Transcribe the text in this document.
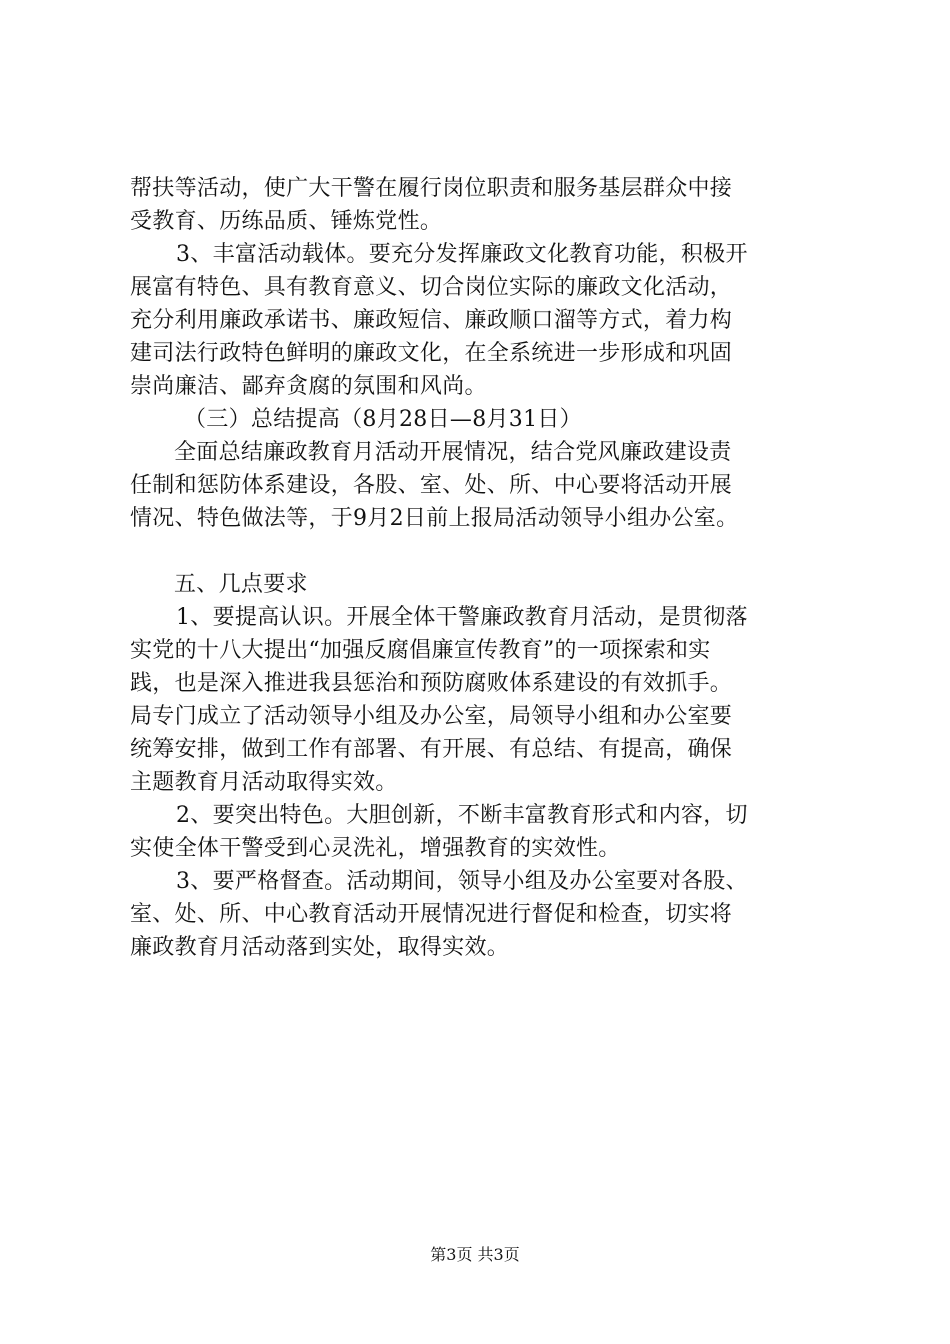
帮扶等活动，使广大干警在履行岗位职责和服务基层群众中接
受教育、历练品质、锤炼党性。
3、丰富活动载体。要充分发挥廉政文化教育功能，积极开
展富有特色、具有教育意义、切合岗位实际的廉政文化活动，
充分利用廉政承诺书、廉政短信、廉政顺口溜等方式，着力构
建司法行政特色鲜明的廉政文化，在全系统进一步形成和巩固
崇尚廉洁、鄙弃贪腐的氛围和风尚。
（三）总结提高（8月28日—8月31日）
全面总结廉政教育月活动开展情况，结合党风廉政建设责
任制和惩防体系建设，各股、室、处、所、中心要将活动开展
情况、特色做法等，于9月2日前上报局活动领导小组办公室。
五、几点要求
1、要提高认识。开展全体干警廉政教育月活动，是贯彻落
实党的十八大提出“加强反腐倡廉宣传教育”的一项探索和实
践，也是深入推进我县惩治和预防腐败体系建设的有效抓手。
局专门成立了活动领导小组及办公室，局领导小组和办公室要
统筹安排，做到工作有部署、有开展、有总结、有提高，确保
主题教育月活动取得实效。
2、要突出特色。大胆创新，不断丰富教育形式和内容，切
实使全体干警受到心灵洗礼，增强教育的实效性。
3、要严格督查。活动期间，领导小组及办公室要对各股、
室、处、所、中心教育活动开展情况进行督促和检查，切实将
廉政教育月活动落到实处，取得实效。
第3页 共3页
